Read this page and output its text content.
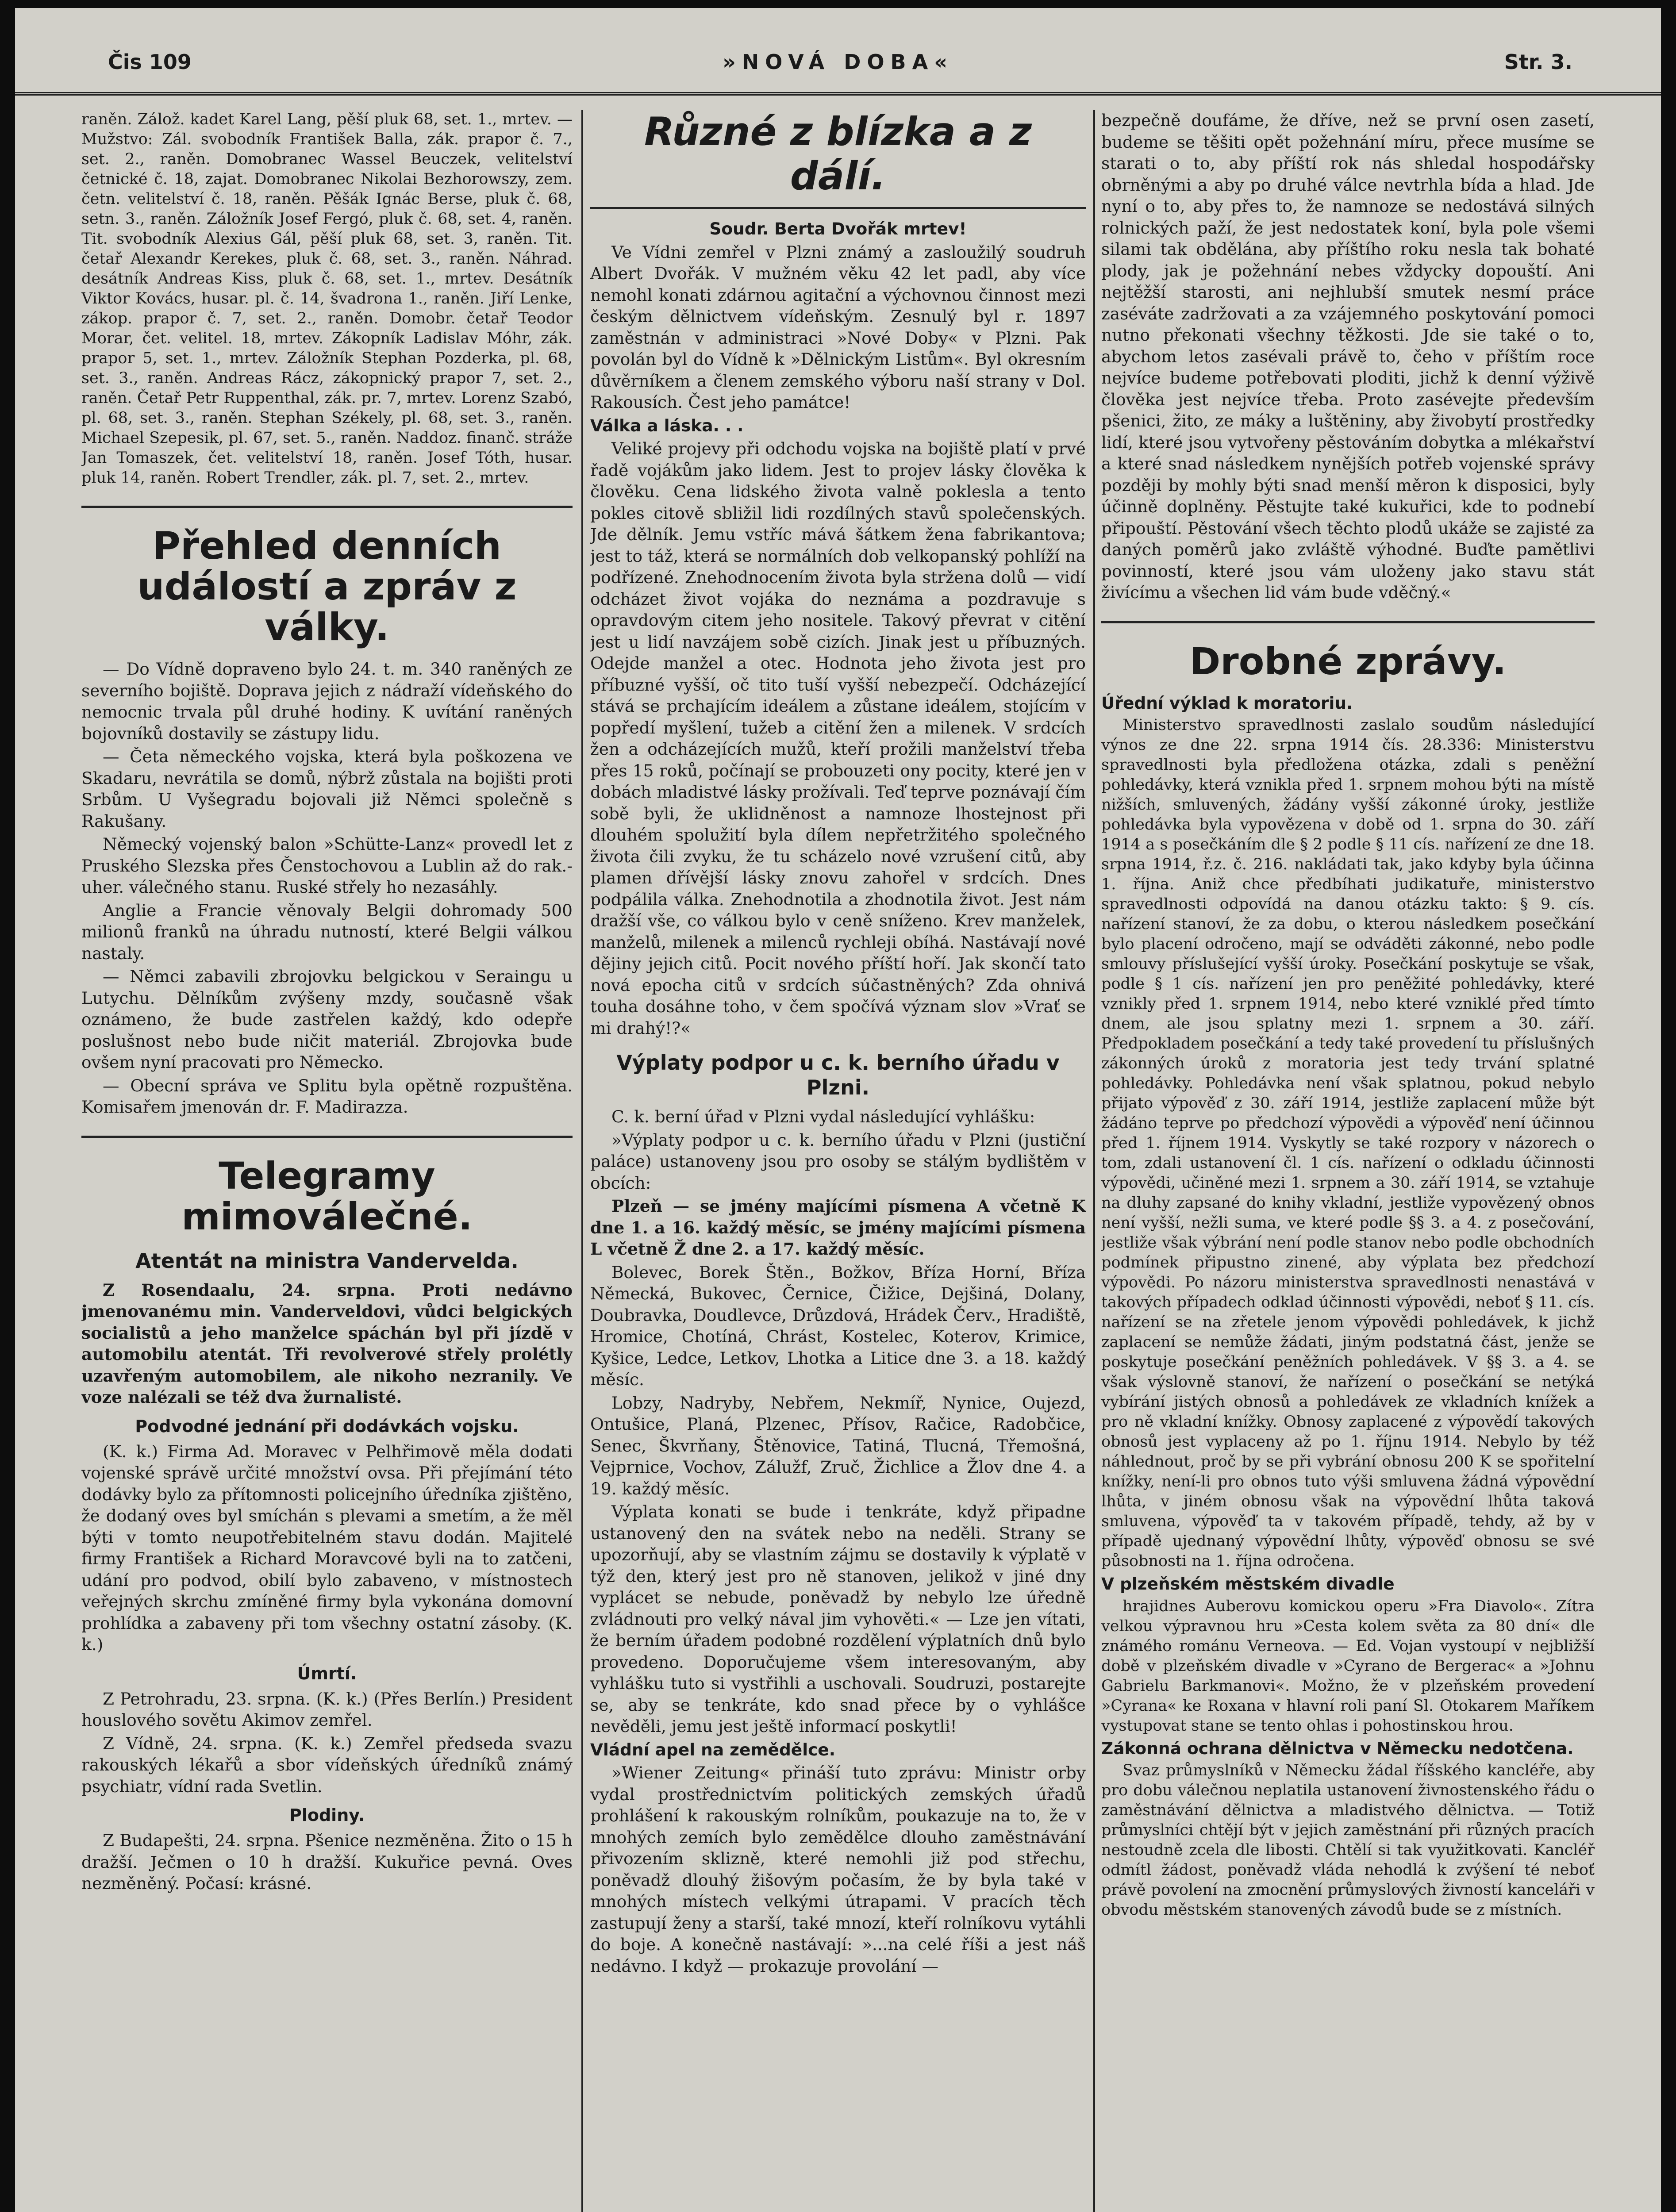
Čis 109	»NOVÁ DOBA«	Str. 3.

raněn. Zálož. kadet Karel Lang, pěší pluk 68, set. 1., mrtev. — Mužstvo: Zál. svobodník František Balla, zák. prapor č. 7., set. 2., raněn. Domobranec Wassel Beuczek, velitelství četnické č. 18, zajat. Domobranec Nikolai Bezhorowszy, zem. četn. velitelství č. 18, raněn. Pěšák Ignác Berse, pluk č. 68, setn. 3., raněn. Záložník Josef Fergó, pluk č. 68, set. 4, raněn. Tit. svobodník Alexius Gál, pěší pluk 68, set. 3, raněn. Tit. četař Alexandr Kerekes, pluk č. 68, set. 3., raněn. Náhrad. desátník Andreas Kiss, pluk č. 68, set. 1., mrtev. Desátník Viktor Kovács, husar. pl. č. 14, švadrona 1., raněn. Jiří Lenke, zákop. prapor č. 7, set. 2., raněn. Domobr. četař Teodor Morar, čet. velitel. 18, mrtev. Zákopník Ladislav Móhr, zák. prapor 5, set. 1., mrtev. Záložník Stephan Pozderka, pl. 68, set. 3., raněn. Andreas Rácz, zákopnický prapor 7, set. 2., raněn. Četař Petr Ruppenthal, zák. pr. 7, mrtev. Lorenz Szabó, pl. 68, set. 3., raněn. Stephan Székely, pl. 68, set. 3., raněn. Michael Szepesik, pl. 67, set. 5., raněn. Naddoz. finanč. stráže Jan Tomaszek, čet. velitelství 18, raněn. Josef Tóth, husar. pluk 14, raněn. Robert Trendler, zák. pl. 7, set. 2., mrtev.

Přehled denních událostí a zpráv z války.

— Do Vídně dopraveno bylo 24. t. m. 340 raněných ze severního bojiště. Doprava jejich z nádraží vídeňského do nemocnic trvala půl druhé hodiny. K uvítání raněných bojovníků dostavily se zástupy lidu.

— Četa německého vojska, která byla poškozena ve Skadaru, nevrátila se domů, nýbrž zůstala na bojišti proti Srbům. U Vyšegradu bojovali již Němci společně s Rakušany.

Německý vojenský balon »Schütte-Lanz« provedl let z Pruského Slezska přes Čenstochovou a Lublin až do rak.-uher. válečného stanu. Ruské střely ho nezasáhly.

Anglie a Francie věnovaly Belgii dohromady 500 milionů franků na úhradu nutností, které Belgii válkou nastaly.

— Němci zabavili zbrojovku belgickou v Seraingu u Lutychu. Dělníkům zvýšeny mzdy, současně však oznámeno, že bude zastřelen každý, kdo odepře poslušnost nebo bude ničit materiál. Zbrojovka bude ovšem nyní pracovati pro Německo.

— Obecní správa ve Splitu byla opětně rozpuštěna. Komisařem jmenován dr. F. Madirazza.

Telegramy mimoválečné.
Atentát na ministra Vandervelda.

Z Rosendaalu, 24. srpna. Proti nedávno jmenovanému min. Vanderveldovi, vůdci belgických socialistů a jeho manželce spáchán byl při jízdě v automobilu atentát. Tři revolverové střely prolétly uzavřeným automobilem, ale nikoho nezranily. Ve voze nalézali se též dva žurnalisté.

Podvodné jednání při dodávkách vojsku.

(K. k.) Firma Ad. Moravec v Pelhřimově měla dodati vojenské správě určité množství ovsa. Při přejímání této dodávky bylo za přítomnosti policejního úředníka zjištěno, že dodaný oves byl smíchán s plevami a smetím, a že měl býti v tomto neupotřebitelném stavu dodán. Majitelé firmy František a Richard Moravcové byli na to zatčeni, udání pro podvod, obilí bylo zabaveno, v místnostech veřejných skrchu zmíněné firmy byla vykonána domovní prohlídka a zabaveny při tom všechny ostatní zásoby. (K. k.)

Úmrtí.

Z Petrohradu, 23. srpna. (K. k.) (Přes Berlín.) President houslového sovětu Akimov zemřel.

Z Vídně, 24. srpna. (K. k.) Zemřel předseda svazu rakouských lékařů a sbor vídeňských úředníků známý psychiatr, vídní rada Svetlin.

Plodiny.

Z Budapešti, 24. srpna. Pšenice nezměněna. Žito o 15 h dražší. Ječmen o 10 h dražší. Kukuřice pevná. Oves nezměněný. Počasí: krásné.

Různé z blízka a z dálí.

Soudr. Berta Dvořák mrtev!

Ve Vídni zemřel v Plzni známý a zasloužilý soudruh Albert Dvořák. V mužném věku 42 let padl, aby více nemohl konati zdárnou agitační a výchovnou činnost mezi českým dělnictvem vídeňským. Zesnulý byl r. 1897 zaměstnán v administraci »Nové Doby« v Plzni. Pak povolán byl do Vídně k »Dělnickým Listům«. Byl okresním důvěrníkem a členem zemského výboru naší strany v Dol. Rakousích. Čest jeho památce!

Válka a láska. . .

Veliké projevy při odchodu vojska na bojiště platí v prvé řadě vojákům jako lidem. Jest to projev lásky člověka k člověku. Cena lidského života valně poklesla a tento pokles citově sbližil lidi rozdílných stavů společenských. Jde dělník. Jemu vstříc mává šátkem žena fabrikantova; jest to táž, která se normálních dob velkopanský pohlíží na podřízené. Znehodnocením života byla stržena dolů — vidí odcházet život vojáka do neznáma a pozdravuje s opravdovým citem jeho nositele. Takový převrat v citění jest u lidí navzájem sobě cizích. Jinak jest u příbuzných. Odejde manžel a otec. Hodnota jeho života jest pro příbuzné vyšší, oč tito tuší vyšší nebezpečí. Odcházející stává se prchajícím ideálem a zůstane ideálem, stojícím v popředí myšlení, tužeb a citění žen a milenek. V srdcích žen a odcházejících mužů, kteří prožili manželství třeba přes 15 roků, počínají se probouzeti ony pocity, které jen v dobách mladistvé lásky prožívali. Teď teprve poznávají čím sobě byli, že uklidněnost a namnoze lhostejnost při dlouhém spolužití byla dílem nepřetržitého společného života čili zvyku, že tu scházelo nové vzrušení citů, aby plamen dřívější lásky znovu zahořel v srdcích. Dnes podpálila válka. Znehodnotila a zhodnotila život. Jest nám dražší vše, co válkou bylo v ceně sníženo. Krev manželek, manželů, milenek a milenců rychleji obíhá. Nastávají nové dějiny jejich citů. Pocit nového příští hoří. Jak skončí tato nová epocha citů v srdcích súčastněných? Zda ohnivá touha dosáhne toho, v čem spočívá význam slov »Vrať se mi drahý!?«

Výplaty podpor u c. k. berního úřadu v Plzni.

C. k. berní úřad v Plzni vydal následující vyhlášku:

»Výplaty podpor u c. k. berního úřadu v Plzni (justiční paláce) ustanoveny jsou pro osoby se stálým bydlištěm v obcích:

Plzeň — se jmény majícími písmena A včetně K dne 1. a 16. každý měsíc, se jmény majícími písmena L včetně Ž dne 2. a 17. každý měsíc.

Bolevec, Borek Štěn., Božkov, Bříza Horní, Bříza Německá, Bukovec, Černice, Čižice, Dejšiná, Dolany, Doubravka, Doudlevce, Drůzdová, Hrádek Červ., Hradiště, Hromice, Chotíná, Chrást, Kostelec, Koterov, Krimice, Kyšice, Ledce, Letkov, Lhotka a Litice dne 3. a 18. každý měsíc.

Lobzy, Nadryby, Nebřem, Nekmíř, Nynice, Oujezd, Ontušice, Planá, Plzenec, Přísov, Račice, Radobčice, Senec, Škvrňany, Štěnovice, Tatiná, Tlucná, Třemošná, Vejprnice, Vochov, Zálužf, Zruč, Žichlice a Žlov dne 4. a 19. každý měsíc.

Výplata konati se bude i tenkráte, když připadne ustanovený den na svátek nebo na neděli. Strany se upozorňují, aby se vlastním zájmu se dostavily k výplatě v týž den, který jest pro ně stanoven, jelikož v jiné dny vyplácet se nebude, poněvadž by nebylo lze úředně zvládnouti pro velký nával jim vyhověti.« — Lze jen vítati, že berním úřadem podobné rozdělení výplatních dnů bylo provedeno. Doporučujeme všem interesovaným, aby vyhlášku tuto si vystřihli a uschovali. Soudruzi, postarejte se, aby se tenkráte, kdo snad přece by o vyhlášce nevěděli, jemu jest ještě informací poskytli!

Vládní apel na zemědělce.

»Wiener Zeitung« přináší tuto zprávu: Ministr orby vydal prostřednictvím politických zemských úřadů prohlášení k rakouským rolníkům, poukazuje na to, že v mnohých zemích bylo zemědělce dlouho zaměstnávání přivozením sklizně, které nemohli již pod střechu, poněvadž dlouhý žišovým počasím, že by byla také v mnohých místech velkými útrapami. V pracích těch zastupují ženy a starší, také mnozí, kteří rolníkovu vytáhli do boje. A konečně nastávají: »...na celé říši a jest náš nedávno. I když — prokazuje provolání —

bezpečně doufáme, že dříve, než se první osen zasetí, budeme se těšiti opět požehnání míru, přece musíme se starati o to, aby příští rok nás shledal hospodářsky obrněnými a aby po druhé válce nevtrhla bída a hlad. Jde nyní o to, aby přes to, že namnoze se nedostává silných rolnických paží, že jest nedostatek koní, byla pole všemi silami tak obdělána, aby příštího roku nesla tak bohaté plody, jak je požehnání nebes vždycky dopouští. Ani nejtěžší starosti, ani nejhlubší smutek nesmí práce zaséváte zadržovati a za vzájemného poskytování pomoci nutno překonati všechny těžkosti. Jde sie také o to, abychom letos zasévali právě to, čeho v příštím roce nejvíce budeme potřebovati ploditi, jichž k denní výživě člověka jest nejvíce třeba. Proto zasévejte především pšenici, žito, ze máky a luštěniny, aby živobytí prostředky lidí, které jsou vytvořeny pěstováním dobytka a mlékařství a které snad následkem nynějších potřeb vojenské správy později by mohly býti snad menší měron k disposici, byly účinně doplněny. Pěstujte také kukuřici, kde to podnebí připouští. Pěstování všech těchto plodů ukáže se zajisté za daných poměrů jako zvláště výhodné. Buďte pamětlivi povinností, které jsou vám uloženy jako stavu stát živícímu a všechen lid vám bude vděčný.«

Drobné zprávy.

Úřední výklad k moratoriu.

Ministerstvo spravedlnosti zaslalo soudům následující výnos ze dne 22. srpna 1914 čís. 28.336: Ministerstvu spravedlnosti byla předložena otázka, zdali s peněžní pohledávky, která vznikla před 1. srpnem mohou býti na místě nižších, smluvených, žádány vyšší zákonné úroky, jestliže pohledávka byla vypovězena v době od 1. srpna do 30. září 1914 a s posečkáním dle § 2 podle § 11 cís. nařízení ze dne 18. srpna 1914, ř.z. č. 216. nakládati tak, jako kdyby byla účinna 1. října. Aniž chce předbíhati judikatuře, ministerstvo spravedlnosti odpovídá na danou otázku takto: § 9. cís. nařízení stanoví, že za dobu, o kterou následkem posečkání bylo placení odročeno, mají se odváděti zákonné, nebo podle smlouvy příslušející vyšší úroky. Posečkání poskytuje se však, podle § 1 cís. nařízení jen pro peněžité pohledávky, které vznikly před 1. srpnem 1914, nebo které vzniklé před tímto dnem, ale jsou splatny mezi 1. srpnem a 30. září. Předpokladem posečkání a tedy také provedení tu příslušných zákonných úroků z moratoria jest tedy trvání splatné pohledávky. Pohledávka není však splatnou, pokud nebylo přijato výpověď z 30. září 1914, jestliže zaplacení může být žádáno teprve po předchozí výpovědi a výpověď není účinnou před 1. říjnem 1914. Vyskytly se také rozpory v názorech o tom, zdali ustanovení čl. 1 cís. nařízení o odkladu účinnosti výpovědi, učiněné mezi 1. srpnem a 30. září 1914, se vztahuje na dluhy zapsané do knihy vkladní, jestliže vypovězený obnos není vyšší, nežli suma, ve které podle §§ 3. a 4. z posečování, jestliže však výbrání není podle stanov nebo podle obchodních podmínek připustno zinené, aby výplata bez předchozí výpovědi. Po názoru ministerstva spravedlnosti nenastává v takových případech odklad účinnosti výpovědi, neboť § 11. cís. nařízení se na zřetele jenom výpovědi pohledávek, k jichž zaplacení se nemůže žádati, jiným podstatná část, jenže se poskytuje posečkání peněžních pohledávek. V §§ 3. a 4. se však výslovně stanoví, že nařízení o posečkání se netýká vybírání jistých obnosů a pohledávek ze vkladních knížek a pro ně vkladní knížky. Obnosy zaplacené z výpovědí takových obnosů jest vyplaceny až po 1. říjnu 1914. Nebylo by též náhlednout, proč by se při vybrání obnosu 200 K se spořitelní knížky, není-li pro obnos tuto výši smluvena žádná výpovědní lhůta, v jiném obnosu však na výpovědní lhůta taková smluvena, výpověď ta v takovém případě, tehdy, až by v případě ujednaný výpovědní lhůty, výpověď obnosu se své působnosti na 1. října odročena.

V plzeňském městském divadle

hrajidnes Auberovu komickou operu »Fra Diavolo«. Zítra velkou výpravnou hru »Cesta kolem světa za 80 dní« dle známého románu Verneova. — Ed. Vojan vystoupí v nejbližší době v plzeňském divadle v »Cyrano de Bergerac« a »Johnu Gabrielu Barkmanovi«. Možno, že v plzeňském provedení »Cyrana« ke Roxana v hlavní roli paní Sl. Otokarem Maříkem vystupovat stane se tento ohlas i pohostinskou hrou.

Zákonná ochrana dělnictva v Německu nedotčena.

Svaz průmyslníků v Německu žádal říšského kancléře, aby pro dobu válečnou neplatila ustanovení živnostenského řádu o zaměstnávání dělnictva a mladistvého dělnictva. — Totiž průmyslníci chtějí být v jejich zaměstnání při různých pracích nestoudně zcela dle libosti. Chtělí si tak využitkovati. Kancléř odmítl žádost, poněvadž vláda nehodlá k zvýšení té neboť právě povolení na zmocnění průmyslových živností kanceláři v obvodu městském stanovených závodů bude se z místních.
